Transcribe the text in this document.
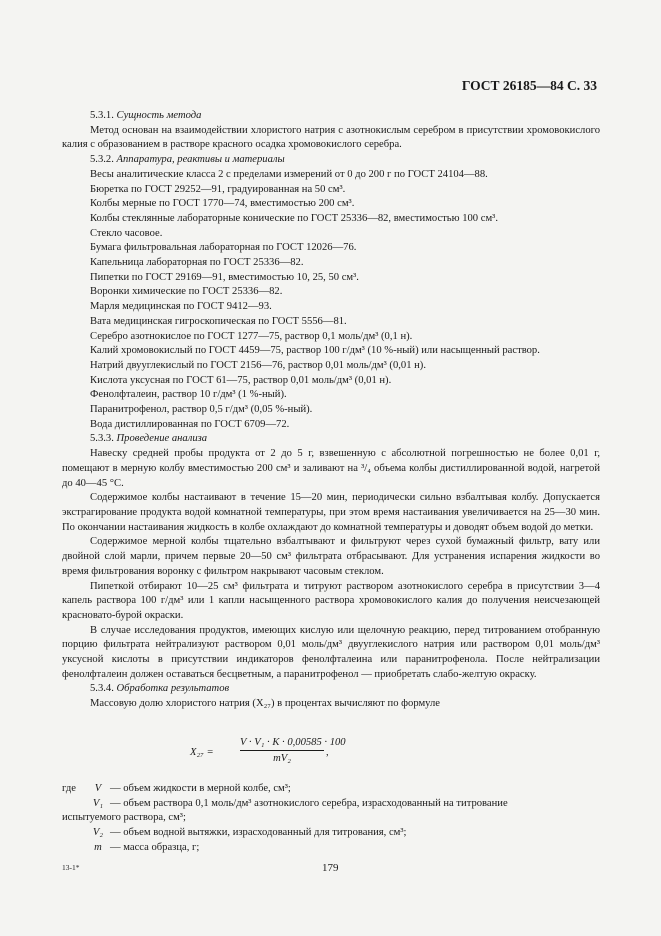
ГОСТ 26185—84 С. 33

5.3.1. Сущность метода

Метод основан на взаимодействии хлористого натрия с азотнокислым серебром в присутствии хромовокислого калия с образованием в растворе красного осадка хромовокислого серебра.

5.3.2. Аппаратура, реактивы и материалы

Весы аналитические класса 2 с пределами измерений от 0 до 200 г по ГОСТ 24104—88.

Бюретка по ГОСТ 29252—91, градуированная на 50 см³.

Колбы мерные по ГОСТ 1770—74, вместимостью 200 см³.

Колбы стеклянные лабораторные конические по ГОСТ 25336—82, вместимостью 100 см³.

Стекло часовое.

Бумага фильтровальная лабораторная по ГОСТ 12026—76.

Капельница лабораторная по ГОСТ 25336—82.

Пипетки по ГОСТ 29169—91, вместимостью 10, 25, 50 см³.

Воронки химические по ГОСТ 25336—82.

Марля медицинская по ГОСТ 9412—93.

Вата медицинская гигроскопическая по ГОСТ 5556—81.

Серебро азотнокислое по ГОСТ 1277—75, раствор 0,1 моль/дм³ (0,1 н).

Калий хромовокислый по ГОСТ 4459—75, раствор 100 г/дм³ (10 %-ный) или насыщенный раствор.

Натрий двууглекислый по ГОСТ 2156—76, раствор 0,01 моль/дм³ (0,01 н).

Кислота уксусная по ГОСТ 61—75, раствор 0,01 моль/дм³ (0,01 н).

Фенолфталеин, раствор 10 г/дм³ (1 %-ный).

Паранитрофенол, раствор 0,5 г/дм³ (0,05 %-ный).

Вода дистиллированная по ГОСТ 6709—72.

5.3.3. Проведение анализа

Навеску средней пробы продукта от 2 до 5 г, взвешенную с абсолютной погрешностью не более 0,01 г, помещают в мерную колбу вместимостью 200 см³ и заливают на ³/₄ объема колбы дистиллированной водой, нагретой до 40—45 °С.

Содержимое колбы настаивают в течение 15—20 мин, периодически сильно взбалтывая колбу. Допускается экстрагирование продукта водой комнатной температуры, при этом время настаивания увеличивается на 25—30 мин. По окончании настаивания жидкость в колбе охлаждают до комнатной температуры и доводят объем водой до метки.

Содержимое мерной колбы тщательно взбалтывают и фильтруют через сухой бумажный фильтр, вату или двойной слой марли, причем первые 20—50 см³ фильтрата отбрасывают. Для устранения испарения жидкости во время фильтрования воронку с фильтром накрывают часовым стеклом.

Пипеткой отбирают 10—25 см³ фильтрата и титруют раствором азотнокислого серебра в присутствии 3—4 капель раствора 100 г/дм³ или 1 капли насыщенного раствора хромовокислого калия до получения неисчезающей красновато-бурой окраски.

В случае исследования продуктов, имеющих кислую или щелочную реакцию, перед титрованием отобранную порцию фильтрата нейтрализуют раствором 0,01 моль/дм³ двууглекислого натрия или раствором 0,01 моль/дм³ уксусной кислоты в присутствии индикаторов фенолфталеина или паранитрофенола. После нейтрализации фенолфталеин должен оставаться бесцветным, а паранитрофенол — приобретать слабо-желтую окраску.

5.3.4. Обработка результатов

Массовую долю хлористого натрия (X₂₇) в процентах вычисляют по формуле

$X_{27} = \frac{\text{V · V₁ · K · 0,00585 · 100}}{\text{mV₂}}$ ,
где	V — объем жидкости в мерной колбе, см³;
V₁ — объем раствора 0,1 моль/дм³ азотнокислого серебра, израсходованный на титрование
испытуемого раствора, см³;
V₂ — объем водной вытяжки, израсходованный для титрования, см³;
m — масса образца, г;
13-1*	179
